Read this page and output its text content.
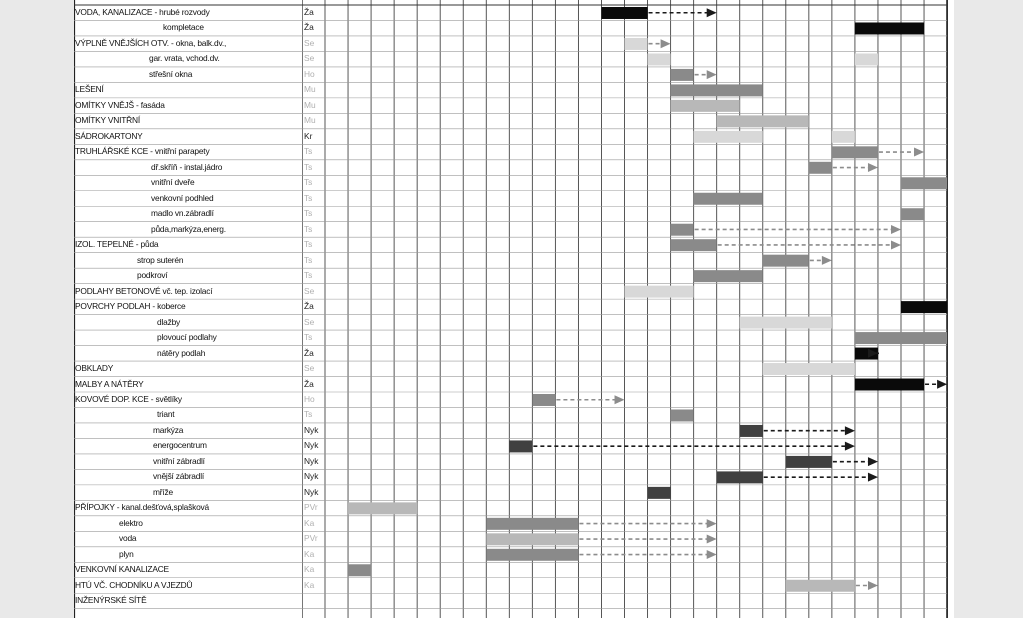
VODA, KANALIZACE - hrubé rozvody	Ža
kompletace	Ža
VÝPLNĚ VNĚJŠÍCH OTV. - okna, balk.dv.,	Se
gar. vrata, vchod.dv.	Se
střešní okna	Ho
LEŠENÍ	Mu
OMÍTKY VNĚJŠ - fasáda	Mu
OMÍTKY VNITŘNÍ	Mu
SÁDROKARTONY	Kr
TRUHLÁŘSKÉ KCE - vnitřní parapety	Ts
dř.skříň - instal.jádro	Ts
vnitřní dveře	Ts
venkovní podhled	Ts
madlo vn.zábradlí	Ts
půda,markýza,energ.	Ts
IZOL. TEPELNÉ - půda	Ts
strop suterén	Ts
podkroví	Ts
PODLAHY BETONOVÉ vč. tep. izolací	Se
POVRCHY PODLAH - koberce	Ža
dlažby	Se
plovoucí podlahy	Ts
nátěry podlah	Ža
OBKLADY	Se
MALBY A NÁTĚRY	Ža
KOVOVÉ DOP. KCE - světlíky	Ho
triant	Ts
markýza	Nyk
energocentrum	Nyk
vnitřní zábradlí	Nyk
vnější zábradlí	Nyk
mříže	Nyk
PŘÍPOJKY - kanal.dešťová,splašková	PVr
elektro	Ka
voda	PVr
plyn	Ka
VENKOVNÍ KANALIZACE	Ka
HTÚ VČ. CHODNÍKU A VJEZDŮ	Ka
INŽENÝRSKÉ SÍTĚ
